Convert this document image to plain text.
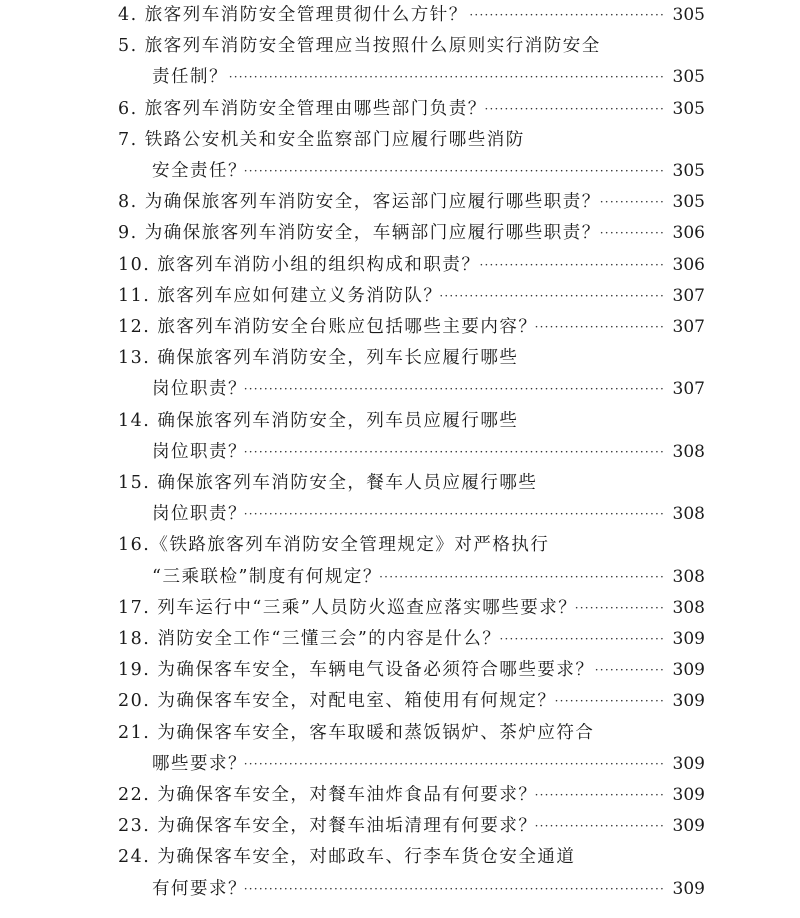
4. 旅客列车消防安全管理贯彻什么方针？ ······································· 305
5. 旅客列车消防安全管理应当按照什么原则实行消防安全
责任制？ ······················································································· 305
6. 旅客列车消防安全管理由哪些部门负责？
···································· 305
7. 铁路公安机关和安全监察部门应履行哪些消防
安全责任？
···················································································· 305
8. 为确保旅客列车消防安全，客运部门应履行哪些职责？ ············· 305
9. 为确保旅客列车消防安全，车辆部门应履行哪些职责？ ············· 306
10. 旅客列车消防小组的组织构成和职责？ ····································· 306
11. 旅客列车应如何建立义务消防队？
············································· 307
12. 旅客列车消防安全台账应包括哪些主要内容？
·························· 307
13. 确保旅客列车消防安全，列车长应履行哪些
岗位职责？
···················································································· 307
14. 确保旅客列车消防安全，列车员应履行哪些
岗位职责？
···················································································· 308
15. 确保旅客列车消防安全，餐车人员应履行哪些
岗位职责？
···················································································· 308
16.《铁路旅客列车消防安全管理规定》对严格执行
“三乘联检”制度有何规定？
························································· 308
17. 列车运行中“三乘”人员防火巡查应落实哪些要求？
·················· 308
18. 消防安全工作“三懂三会”的内容是什么？
································· 309
19. 为确保客车安全，车辆电气设备必须符合哪些要求？ ·············· 309
20. 为确保客车安全，对配电室、箱使用有何规定？
······················ 309
21. 为确保客车安全，客车取暖和蒸饭锅炉、茶炉应符合
哪些要求？
···················································································· 309
22. 为确保客车安全，对餐车油炸食品有何要求？
·························· 309
23. 为确保客车安全，对餐车油垢清理有何要求？
·························· 309
24. 为确保客车安全，对邮政车、行李车货仓安全通道
有何要求？
···················································································· 309
